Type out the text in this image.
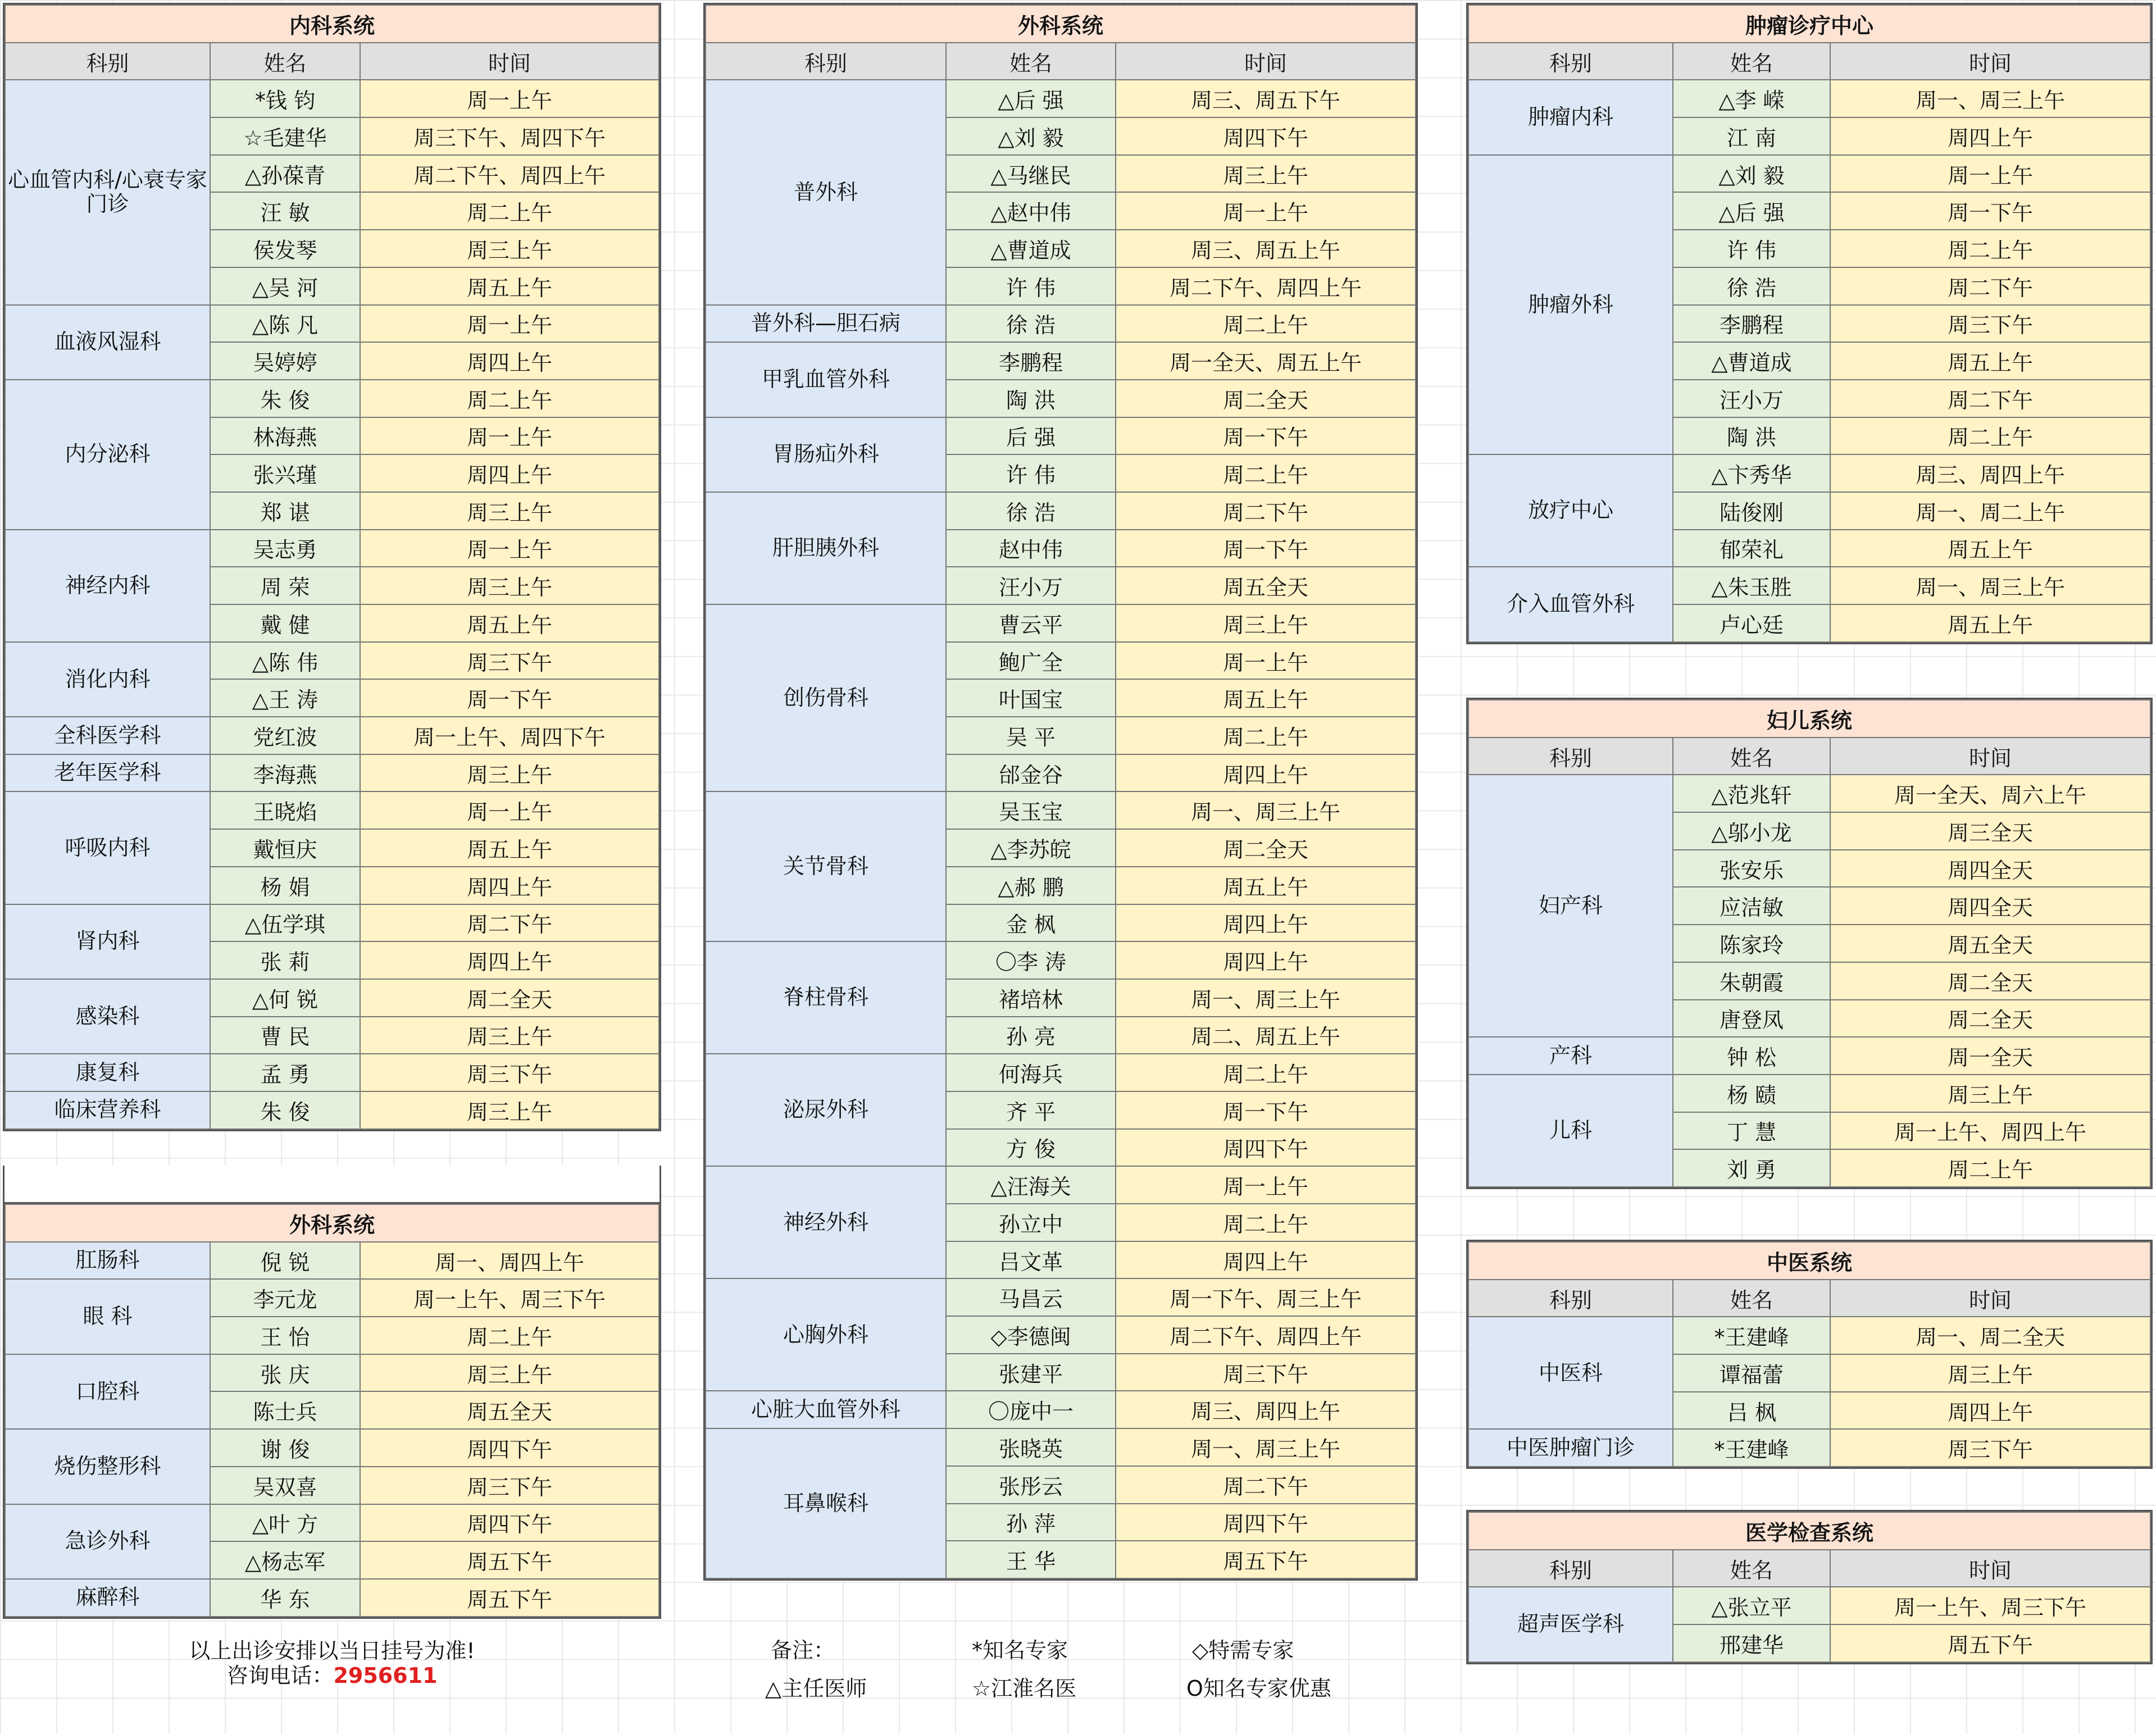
内科系统		
科别	姓名	时间
心血管内科/心衰专家门诊	*钱 钧	周一上午
	☆毛建华	周三下午、周四下午
	△孙葆青	周二下午、周四上午
	汪 敏	周二上午
	侯发琴	周三上午
	△吴 河	周五上午
血液风湿科	△陈 凡	周一上午
	吴婷婷	周四上午
内分泌科	朱 俊	周二上午
	林海燕	周一上午
	张兴瑾	周四上午
	郑 谌	周三上午
神经内科	吴志勇	周一上午
	周 荣	周三上午
	戴 健	周五上午
消化内科	△陈 伟	周三下午
	△王 涛	周一下午
全科医学科	党红波	周一上午、周四下午
老年医学科	李海燕	周三上午
呼吸内科	王晓焰	周一上午
	戴恒庆	周五上午
	杨 娟	周四上午
肾内科	△伍学琪	周二下午
	张 莉	周四上午
感染科	△何 锐	周二全天
	曹 民	周三上午
康复科	孟 勇	周三下午
临床营养科	朱 俊	周三上午
外科系统		
肛肠科	倪 锐	周一、周四上午
眼 科	李元龙	周一上午、周三下午
	王 怡	周二上午
口腔科	张 庆	周三上午
	陈士兵	周五全天
烧伤整形科	谢 俊	周四下午
	吴双喜	周三下午
急诊外科	△叶 方	周四下午
	△杨志军	周五下午
麻醉科	华 东	周五下午
以上出诊安排以当日挂号为准!
咨询电话：2956611
外科系统		
科别	姓名	时间
普外科	△后 强	周三、周五下午
	△刘 毅	周四下午
	△马继民	周三上午
	△赵中伟	周一上午
	△曹道成	周三、周五上午
	许 伟	周二下午、周四上午
普外科—胆石病	徐 浩	周二上午
甲乳血管外科	李鹏程	周一全天、周五上午
	陶 洪	周二全天
胃肠疝外科	后 强	周一下午
	许 伟	周二上午
肝胆胰外科	徐 浩	周二下午
	赵中伟	周一下午
	汪小万	周五全天
创伤骨科	曹云平	周三上午
	鲍广全	周一上午
	叶国宝	周五上午
	吴 平	周二上午
	邰金谷	周四上午
关节骨科	吴玉宝	周一、周三上午
	△李苏皖	周二全天
	△郝 鹏	周五上午
	金 枫	周四上午
脊柱骨科	〇李 涛	周四上午
	褚培林	周一、周三上午
	孙 亮	周二、周五上午
泌尿外科	何海兵	周二上午
	齐 平	周一下午
	方 俊	周四下午
神经外科	△汪海关	周一上午
	孙立中	周二上午
	吕文革	周四上午
心胸外科	马昌云	周一下午、周三上午
	◇李德闽	周二下午、周四上午
	张建平	周三下午
心脏大血管外科	〇庞中一	周三、周四上午
耳鼻喉科	张晓英	周一、周三上午
	张彤云	周二下午
	孙 萍	周四下午
	王 华	周五下午
备注：	*知名专家	◇特需专家
△主任医师	☆江淮名医	O知名专家优惠
肿瘤诊疗中心		
科别	姓名	时间
肿瘤内科	△李 嵘	周一、周三上午
	江 南	周四上午
肿瘤外科	△刘 毅	周一上午
	△后 强	周一下午
	许 伟	周二上午
	徐 浩	周二下午
	李鹏程	周三下午
	△曹道成	周五上午
	汪小万	周二下午
	陶 洪	周二上午
放疗中心	△卞秀华	周三、周四上午
	陆俊刚	周一、周二上午
	郁荣礼	周五上午
介入血管外科	△朱玉胜	周一、周三上午
	卢心廷	周五上午
妇儿系统		
科别	姓名	时间
妇产科	△范兆轩	周一全天、周六上午
	△邬小龙	周三全天
	张安乐	周四全天
	应洁敏	周四全天
	陈家玲	周五全天
	朱朝霞	周二全天
	唐登凤	周二全天
产科	钟 松	周一全天
儿科	杨 赜	周三上午
	丁 慧	周一上午、周四上午
	刘 勇	周二上午
中医系统		
科别	姓名	时间
中医科	*王建峰	周一、周二全天
	谭福蕾	周三上午
	吕 枫	周四上午
中医肿瘤门诊	*王建峰	周三下午
医学检查系统		
科别	姓名	时间
超声医学科	△张立平	周一上午、周三下午
	邢建华	周五下午
